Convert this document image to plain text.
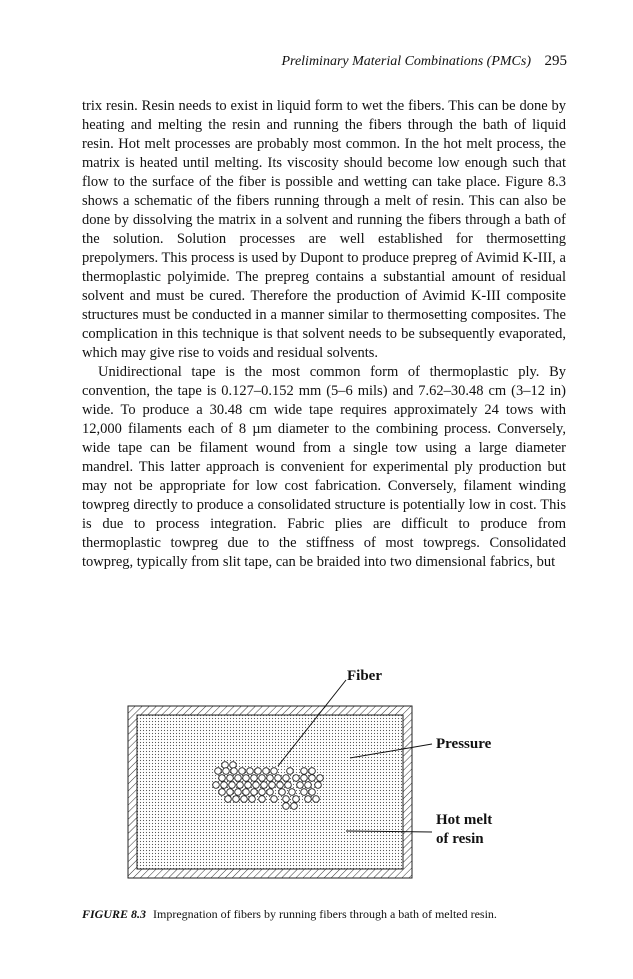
Preliminary Material Combinations (PMCs) 295

trix resin. Resin needs to exist in liquid form to wet the fibers. This can be done by heating and melting the resin and running the fibers through the bath of liquid resin. Hot melt processes are probably most common. In the hot melt process, the matrix is heated until melting. Its viscosity should become low enough such that flow to the surface of the fiber is possible and wetting can take place. Figure 8.3 shows a schematic of the fibers running through a melt of resin. This can also be done by dissolving the matrix in a solvent and running the fibers through a bath of the solution. Solution processes are well established for thermosetting prepolymers. This process is used by Dupont to produce prepreg of Avimid K-III, a thermoplastic polyimide. The prepreg contains a substantial amount of residual solvent and must be cured. Therefore the production of Avimid K-III composite structures must be conducted in a manner similar to thermosetting composites. The complication in this technique is that solvent needs to be subsequently evaporated, which may give rise to voids and residual solvents.

Unidirectional tape is the most common form of thermoplastic ply. By convention, the tape is 0.127–0.152 mm (5–6 mils) and 7.62–30.48 cm (3–12 in) wide. To produce a 30.48 cm wide tape requires approximately 24 tows with 12,000 filaments each of 8 µm diameter to the combining process. Conversely, wide tape can be filament wound from a single tow using a large diameter mandrel. This latter approach is convenient for experimental ply production but may not be appropriate for low cost fabrication. Conversely, filament winding towpreg directly to produce a consolidated structure is potentially low in cost. This is due to process integration. Fabric plies are difficult to produce from thermoplastic towpreg due to the stiffness of most towpregs. Consolidated towpreg, typically from slit tape, can be braided into two dimensional fabrics, but

Fiber
Pressure
Hot melt
of resin
FIGURE 8.3 Impregnation of fibers by running fibers through a bath of melted resin.
